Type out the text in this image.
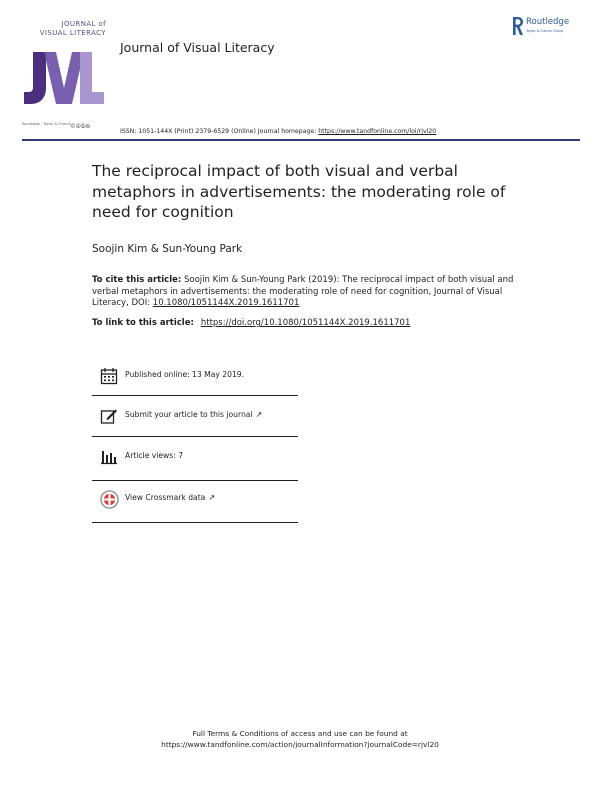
JOURNAL of
VISUAL LITERACY
Routledge · Taylor & Francis ©①⑤⊜
Journal of Visual Literacy
Routledge
Taylor & Francis Group
ISSN: 1051-144X (Print) 2379-6529 (Online) Journal homepage: https://www.tandfonline.com/loi/rjvl20
The reciprocal impact of both visual and verbal metaphors in advertisements: the moderating role of need for cognition
Soojin Kim & Sun-Young Park
To cite this article: Soojin Kim & Sun-Young Park (2019): The reciprocal impact of both visual and verbal metaphors in advertisements: the moderating role of need for cognition, Journal of Visual Literacy, DOI: 10.1080/1051144X.2019.1611701
To link to this article: https://doi.org/10.1080/1051144X.2019.1611701
Published online: 13 May 2019.
Submit your article to this journal ↗
Article views: 7
View Crossmark data ↗
Full Terms & Conditions of access and use can be found at
https://www.tandfonline.com/action/journalInformation?journalCode=rjvl20
